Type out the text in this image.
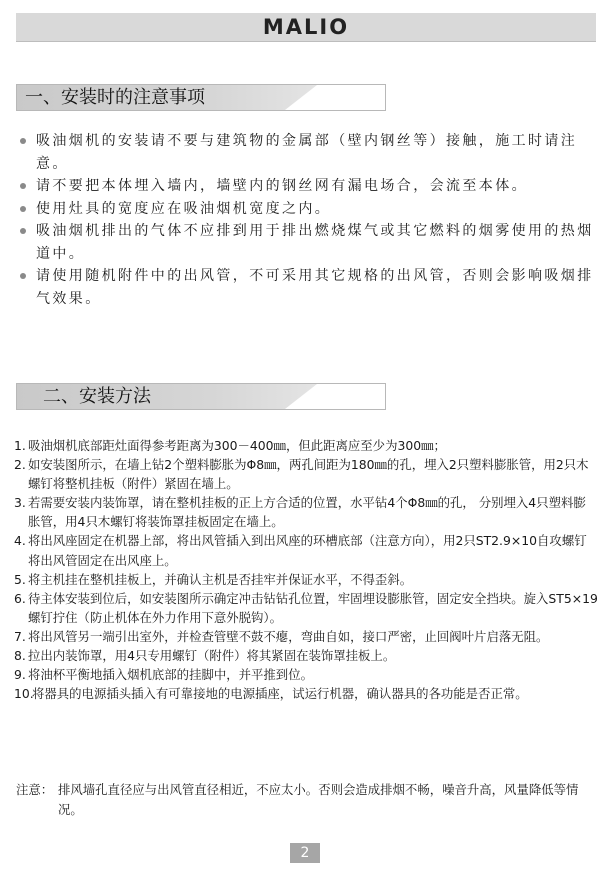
MALIO
一、安装时的注意事项
吸油烟机的安装请不要与建筑物的金属部（壁内钢丝等）接触，施工时请注意。
请不要把本体埋入墙内，墙壁内的钢丝网有漏电场合，会流至本体。
使用灶具的宽度应在吸油烟机宽度之内。
吸油烟机排出的气体不应排到用于排出燃烧煤气或其它燃料的烟雾使用的热烟道中。
请使用随机附件中的出风管，不可采用其它规格的出风管，否则会影响吸烟排气效果。
二、安装方法
1. 吸油烟机底部距灶面得参考距离为300－400㎜，但此距离应至少为300㎜；
2. 如安装图所示，在墙上钻2个塑料膨胀为Φ8㎜，两孔间距为180㎜的孔，埋入2只塑料膨胀管，用2只木螺钉将整机挂板（附件）紧固在墙上。
3. 若需要安装内装饰罩，请在整机挂板的正上方合适的位置，水平钻4个Φ8㎜的孔， 分别埋入4只塑料膨胀管，用4只木螺钉将装饰罩挂板固定在墙上。
4. 将出风座固定在机器上部，将出风管插入到出风座的环槽底部（注意方向），用2只ST2.9×10自攻螺钉将出风管固定在出风座上。
5. 将主机挂在整机挂板上，并确认主机是否挂牢并保证水平，不得歪斜。
6. 待主体安装到位后，如安装图所示确定冲击钻钻孔位置，牢固埋设膨胀管，固定安全挡块。旋入ST5×19螺钉拧住（防止机体在外力作用下意外脱钩）。
7. 将出风管另一端引出室外，并检查管壁不鼓不瘪，弯曲自如，接口严密，止回阀叶片启落无阻。
8. 拉出内装饰罩，用4只专用螺钉（附件）将其紧固在装饰罩挂板上。
9. 将油杯平衡地插入烟机底部的挂脚中，并平推到位。
10.
将器具的电源插头插入有可靠接地的电源插座，试运行机器，确认器具的各功能是否正常。
注意： 排风墙孔直径应与出风管直径相近，不应太小。否则会造成排烟不畅，噪音升高，风量降低等情况。
2
